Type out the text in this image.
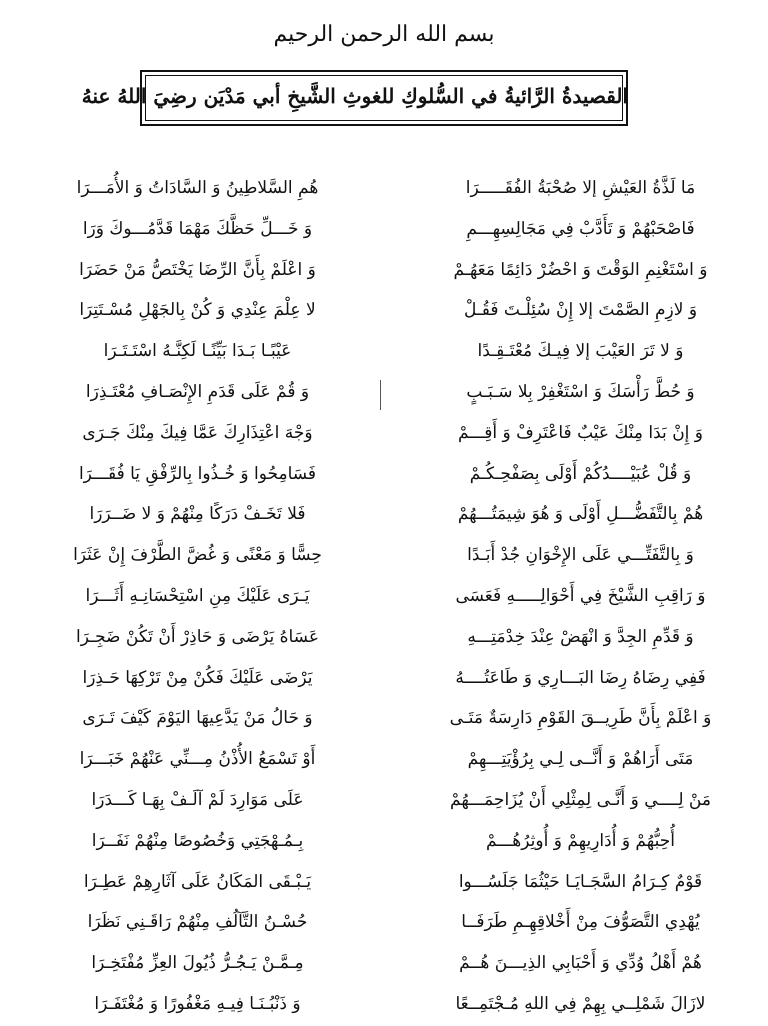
بسم الله الرحمن الرحيم
القصيدةُ الرَّائيةُ في السُّلوكِ للغوثِ الشَّيخِ أبي مَدْيَن رضِيَ اللهُ عنهُ
مَا لَذَّةُ العَيْشِ إلا صُحْبَةُ الفُقَـــــرَا
هُمِ السَّلاطِينُ وَ السَّادَاتُ وَ الأُمَـــرَا
فَاصْحَبْهُمْ وَ تَأَدَّبْ فِي مَجَالِسِهِـــمِ
وَ خَـــلِّ حَظَّكَ مَهْمَا قَدَّمُـــوكَ وَرَا
وَ اسْتَغْنِمِ الوَقْتَ وَ احْضُرْ دَائِمًا مَعَهُـمْ
وَ اعْلَمْ بِأَنَّ الرِّضَا يَخْتَصُّ مَنْ حَضَرَا
وَ لازِمِ الصَّمْتَ إلا إِنْ سُئِلْـتَ فَقُـلْ
لا عِلْمَ عِنْدِي وَ كُنْ بِالجَهْلِ مُسْـتَتِرَا
وَ لا تَرَ العَيْبَ إلا فِيـكَ مُعْتَـقِـدًا
عَيْبًـا بَـدَا بَيِّنًـا لَكِنَّـهُ اسْتَـتَـرَا
وَ حُطَّ رَأْسَكَ وَ اسْتَغْفِرْ بِلا سَـبَـبٍ
وَ قُمْ عَلَى قَدَمِ الإِنْصَـافِ مُعْتَـذِرَا
وَ إِنْ بَدَا مِنْكَ عَيْبٌ فَاعْتَرِفْ وَ أَقِـــمْ
وَجْهَ اعْتِذَارِكَ عَمَّا فِيكَ مِنْكَ جَـرَى
وَ قُلْ عُبَيْــــدُكُمْ أَوْلَى بِصَفْحِـكُـمْ
فَسَامِحُوا وَ خُـذُوا بِالرِّفْقِ يَا فُقَـــرَا
هُمْ بِالتَّفَضُّـــلِ أَوْلَى وَ هُوَ شِيمَتُـــهُمْ
فَلا تَخَـفْ دَرَكًا مِنْهُمْ وَ لا ضَــرَرَا
وَ بِالتَّفَتِّـــي عَلَى الإِخْوَانِ جُدْ أَبَـدًا
حِسًّا وَ مَعْنًى وَ غُضَّ الطَّرْفَ إِنْ عَثَرَا
وَ رَاقِبِ الشَّيْخَ فِي أَحْوَالِـــــهِ فَعَسَى
يَـرَى عَلَيْكَ مِنِ اسْتِحْسَانِـهِ أَثَـــرَا
وَ قَدِّمِ الجِدَّ وَ انْهَضْ عِنْدَ خِدْمَتِـــهِ
عَسَاهُ يَرْضَى وَ حَاذِرْ أَنْ تَكُنْ ضَجِـرَا
فَفِي رِضَاهُ رِضَا البَـــارِي وَ طَاعَتُــــهُ
يَرْضَى عَلَيْكَ فَكُنْ مِنْ تَرْكِهَا حَـذِرَا
وَ اعْلَمْ بِأَنَّ طَرِيــقَ القَوْمِ دَارِسَةٌ مَتَـى
وَ حَالُ مَنْ يَدَّعِيهَا اليَوْمَ كَيْفَ تَـرَى
مَتَى أَرَاهُمْ وَ أَنَّــى لِـي بِرُؤْيَتِـــهِمْ
أَوْ تَسْمَعُ الأُذْنُ مِـــنِّي عَنْهُمْ خَبَـــرَا
مَنْ لِــــي وَ أَنَّـى لِمِثْلِي أَنْ يُزَاحِمَـــهُمْ
عَلَى مَوَارِدَ لَمْ آلَـفْ بِهَـا كَـــدَرَا
أُحِبُّهُمْ وَ أُدَارِيهِمْ وَ أُوثِرُهُـــمْ
بِـمُـهْجَتِي وَخُصُوصًا مِنْهُمْ نَفَــرَا
قَوْمٌ كِـرَامُ السَّجَـايَـا حَيْثُمَا جَلَسُـــوا
يَـبْـقَى المَكَانُ عَلَى آثَارِهِمْ عَطِـرَا
يُهْدِي التَّصَوُّفَ مِنْ أَخْلاقِهِـمِ طَرَفَــا
حُسْـنُ التَّآلُفِ مِنْهُمْ رَاقَـنِي نَظَرَا
هُمْ أَهْلُ وُدِّي وَ أَحْبَابِي الذِيـــنَ هُــمْ
مِـمَّـنْ يَـجُـرُّ ذُيُولَ العِزِّ مُفْتَخِـرَا
لازَالَ شَمْلِــي بِهِمْ فِي اللهِ مُـجْتَمِــعًا
وَ ذَنْبُـنَـا فِيـهِ مَغْفُورًا وَ مُغْتَفَـرَا
